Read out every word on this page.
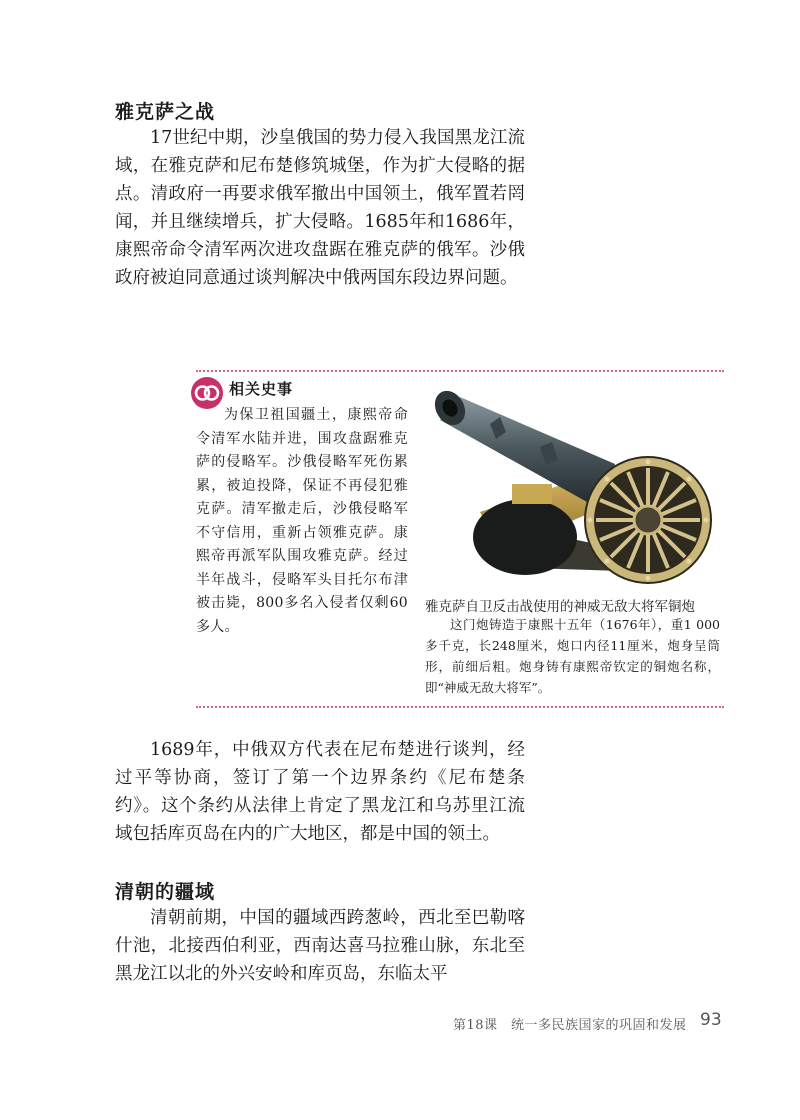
雅克萨之战
17世纪中期，沙皇俄国的势力侵入我国黑龙江流域，在雅克萨和尼布楚修筑城堡，作为扩大侵略的据点。清政府一再要求俄军撤出中国领土，俄军置若罔闻，并且继续增兵，扩大侵略。1685年和1686年，康熙帝命令清军两次进攻盘踞在雅克萨的俄军。沙俄政府被迫同意通过谈判解决中俄两国东段边界问题。
相关史事
为保卫祖国疆土，康熙帝命令清军水陆并进，围攻盘踞雅克萨的侵略军。沙俄侵略军死伤累累，被迫投降，保证不再侵犯雅克萨。清军撤走后，沙俄侵略军不守信用，重新占领雅克萨。康熙帝再派军队围攻雅克萨。经过半年战斗，侵略军头目托尔布津被击毙，800多名入侵者仅剩60多人。
雅克萨自卫反击战使用的神威无敌大将军铜炮
这门炮铸造于康熙十五年（1676年），重1 000多千克，长248厘米，炮口内径11厘米，炮身呈筒形，前细后粗。炮身铸有康熙帝钦定的铜炮名称，即“神威无敌大将军”。
1689年，中俄双方代表在尼布楚进行谈判，经过平等协商，签订了第一个边界条约《尼布楚条约》。这个条约从法律上肯定了黑龙江和乌苏里江流域包括库页岛在内的广大地区，都是中国的领土。
清朝的疆域
清朝前期，中国的疆域西跨葱岭，西北至巴勒喀什池，北接西伯利亚，西南达喜马拉雅山脉，东北至黑龙江以北的外兴安岭和库页岛，东临太平
第18课　统一多民族国家的巩固和发展 93
